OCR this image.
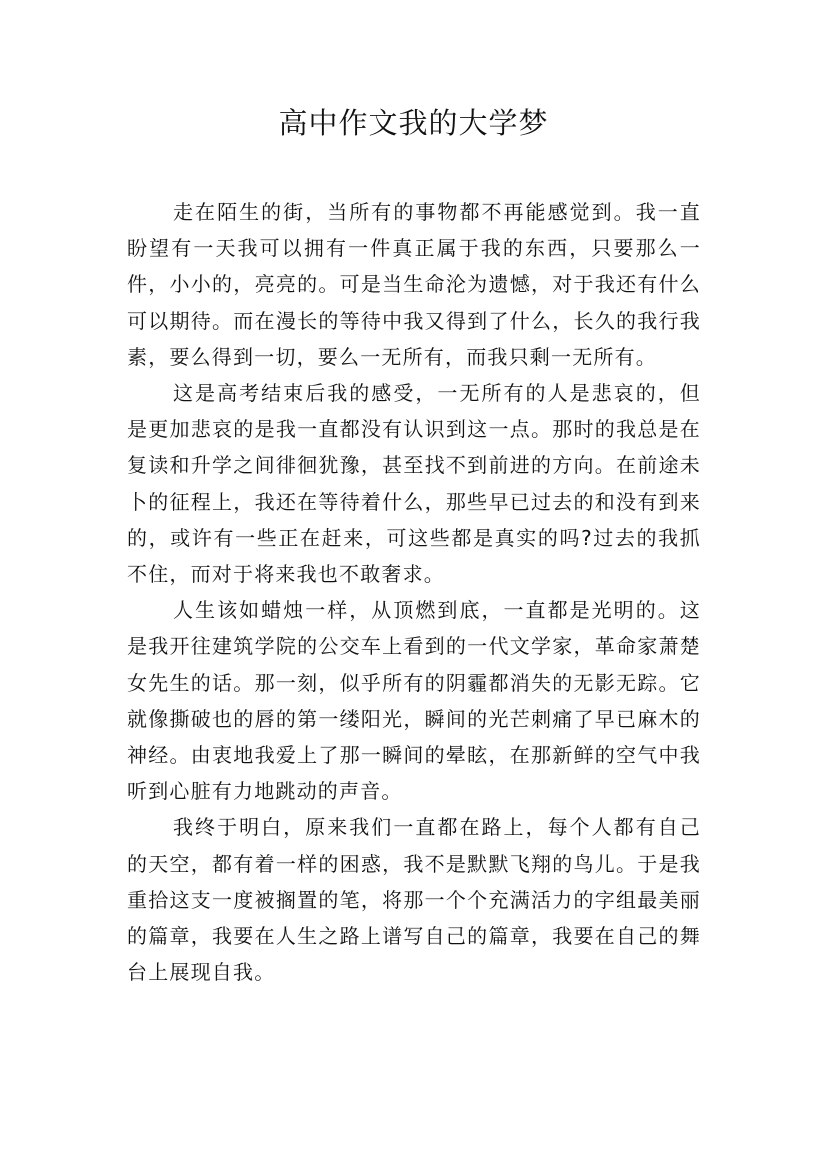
高中作文我的大学梦

走在陌生的街，当所有的事物都不再能感觉到。我一直盼望有一天我可以拥有一件真正属于我的东西，只要那么一件，小小的，亮亮的。可是当生命沦为遗憾，对于我还有什么可以期待。而在漫长的等待中我又得到了什么，长久的我行我素，要么得到一切，要么一无所有，而我只剩一无所有。

这是高考结束后我的感受，一无所有的人是悲哀的，但是更加悲哀的是我一直都没有认识到这一点。那时的我总是在复读和升学之间徘徊犹豫，甚至找不到前进的方向。在前途未卜的征程上，我还在等待着什么，那些早已过去的和没有到来的，或许有一些正在赶来，可这些都是真实的吗?过去的我抓不住，而对于将来我也不敢奢求。

人生该如蜡烛一样，从顶燃到底，一直都是光明的。这是我开往建筑学院的公交车上看到的一代文学家，革命家萧楚女先生的话。那一刻，似乎所有的阴霾都消失的无影无踪。它就像撕破也的唇的第一缕阳光，瞬间的光芒刺痛了早已麻木的神经。由衷地我爱上了那一瞬间的晕眩，在那新鲜的空气中我听到心脏有力地跳动的声音。

我终于明白，原来我们一直都在路上，每个人都有自己的天空，都有着一样的困惑，我不是默默飞翔的鸟儿。于是我重拾这支一度被搁置的笔，将那一个个充满活力的字组最美丽的篇章，我要在人生之路上谱写自己的篇章，我要在自己的舞台上展现自我。
